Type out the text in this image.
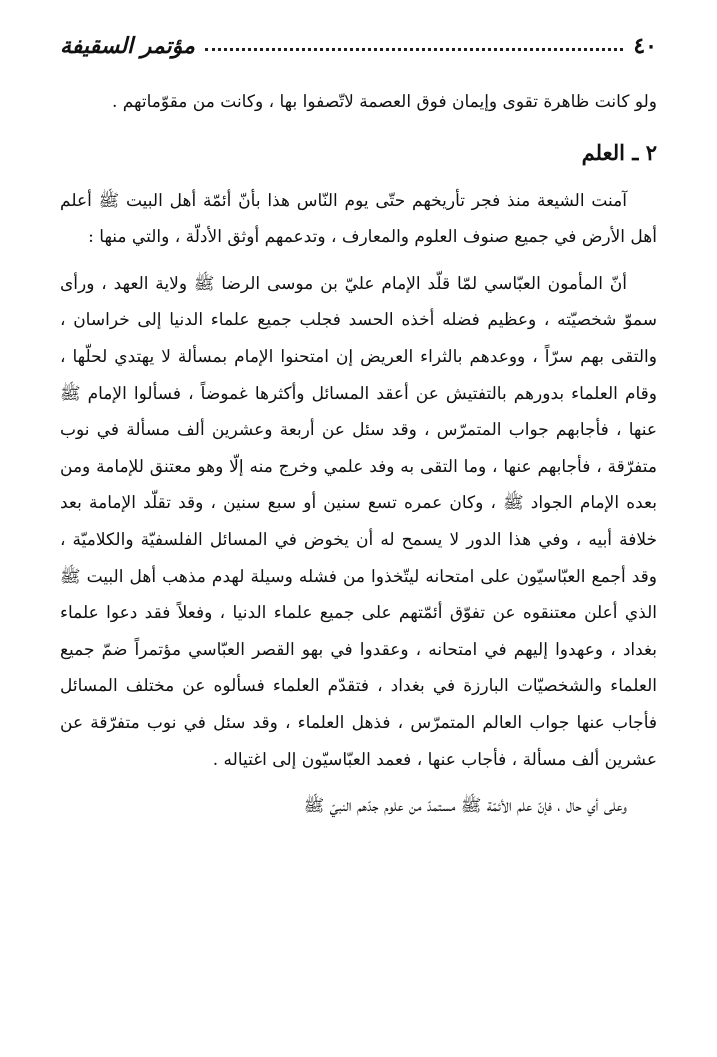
٤٠
مؤتمر السقيفة

ولو كانت ظاهرة تقوى وإيمان فوق العصمة لاتّصفوا بها ، وكانت من مقوّماتهم .

٢ ـ العلم

آمنت الشيعة منذ فجر تأريخهم حتّى يوم النّاس هذا بأنّ أئمّة أهل البيت ﷺ أعلم أهل الأرض في جميع صنوف العلوم والمعارف ، وتدعمهم أوثق الأدلّة ، والتي منها :

أنّ المأمون العبّاسي لمّا قلّد الإمام عليّ بن موسى الرضا ﷺ ولاية العهد ، ورأى سموّ شخصيّته ، وعظيم فضله أخذه الحسد فجلب جميع علماء الدنيا إلى خراسان ، والتقى بهم سرّاً ، ووعدهم بالثراء العريض إن امتحنوا الإمام بمسألة لا يهتدي لحلّها ، وقام العلماء بدورهم بالتفتيش عن أعقد المسائل وأكثرها غموضاً ، فسألوا الإمام ﷺ عنها ، فأجابهم جواب المتمرّس ، وقد سئل عن أربعة وعشرين ألف مسألة في نوب متفرّقة ، فأجابهم عنها ، وما التقى به وفد علمي وخرج منه إلّا وهو معتنق للإمامة ومن بعده الإمام الجواد ﷺ ، وكان عمره تسع سنين أو سبع سنين ، وقد تقلّد الإمامة بعد خلافة أبيه ، وفي هذا الدور لا يسمح له أن يخوض في المسائل الفلسفيّة والكلاميّة ، وقد أجمع العبّاسيّون على امتحانه ليتّخذوا من فشله وسيلة لهدم مذهب أهل البيت ﷺ الذي أعلن معتنقوه عن تفوّق أئمّتهم على جميع علماء الدنيا ، وفعلاً فقد دعوا علماء بغداد ، وعهدوا إليهم في امتحانه ، وعقدوا في بهو القصر العبّاسي مؤتمراً ضمّ جميع العلماء والشخصيّات البارزة في بغداد ، فتقدّم العلماء فسألوه عن مختلف المسائل فأجاب عنها جواب العالم المتمرّس ، فذهل العلماء ، وقد سئل في نوب متفرّقة عن عشرين ألف مسألة ، فأجاب عنها ، فعمد العبّاسيّون إلى اغتياله .

وعلى أي حال ، فإنّ علم الأئمّة ﷺ مستمدّ من علوم جدّهم النبيّ ﷺ
